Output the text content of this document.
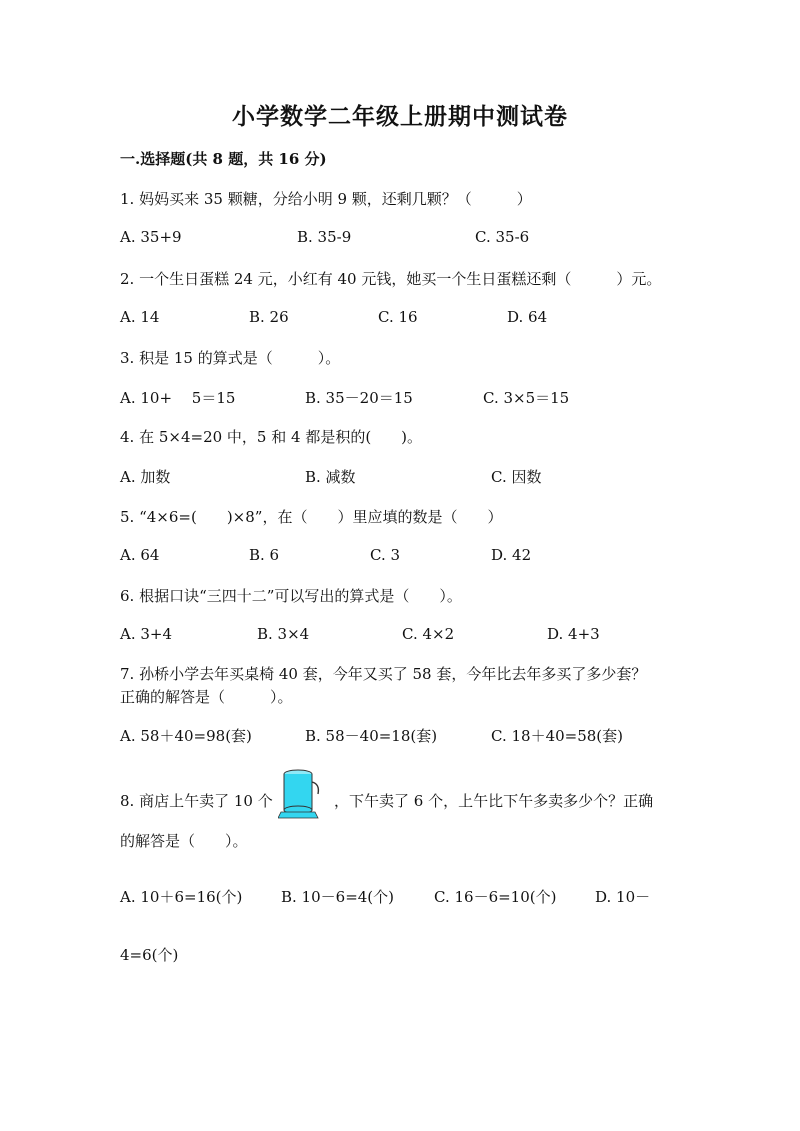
小学数学二年级上册期中测试卷
一.选择题(共 8 题，共 16 分)
1. 妈妈买来 35 颗糖，分给小明 9 颗，还剩几颗？（　　　）
A. 35+9	B. 35-9	C. 35-6
2. 一个生日蛋糕 24 元，小红有 40 元钱，她买一个生日蛋糕还剩（　　　）元。
A. 14	B. 26	C. 16	D. 64
3. 积是 15 的算式是（　　　）。
A. 10+　 5＝15	B. 35－20＝15	C. 3×5＝15
4. 在 5×4=20 中，5 和 4 都是积的(　　)。
A. 加数	B. 减数	C. 因数
5. “4×6=(　　)×8”，在（　　）里应填的数是（　　）
A. 64	B. 6	C. 3	D. 42
6. 根据口诀“三四十二”可以写出的算式是（　　）。
A. 3+4	B. 3×4	C. 4×2	D. 4+3
7. 孙桥小学去年买桌椅 40 套，今年又买了 58 套，今年比去年多买了多少套？
正确的解答是（　　　）。
A. 58＋40=98(套)	B. 58－40=18(套)	C. 18＋40=58(套)
8. 商店上午卖了 10 个	，下午卖了 6 个，上午比下午多卖多少个？正确
的解答是（　　）。
A. 10＋6=16(个)	B. 10－6=4(个)	C. 16－6=10(个)	D. 10－
4=6(个)
